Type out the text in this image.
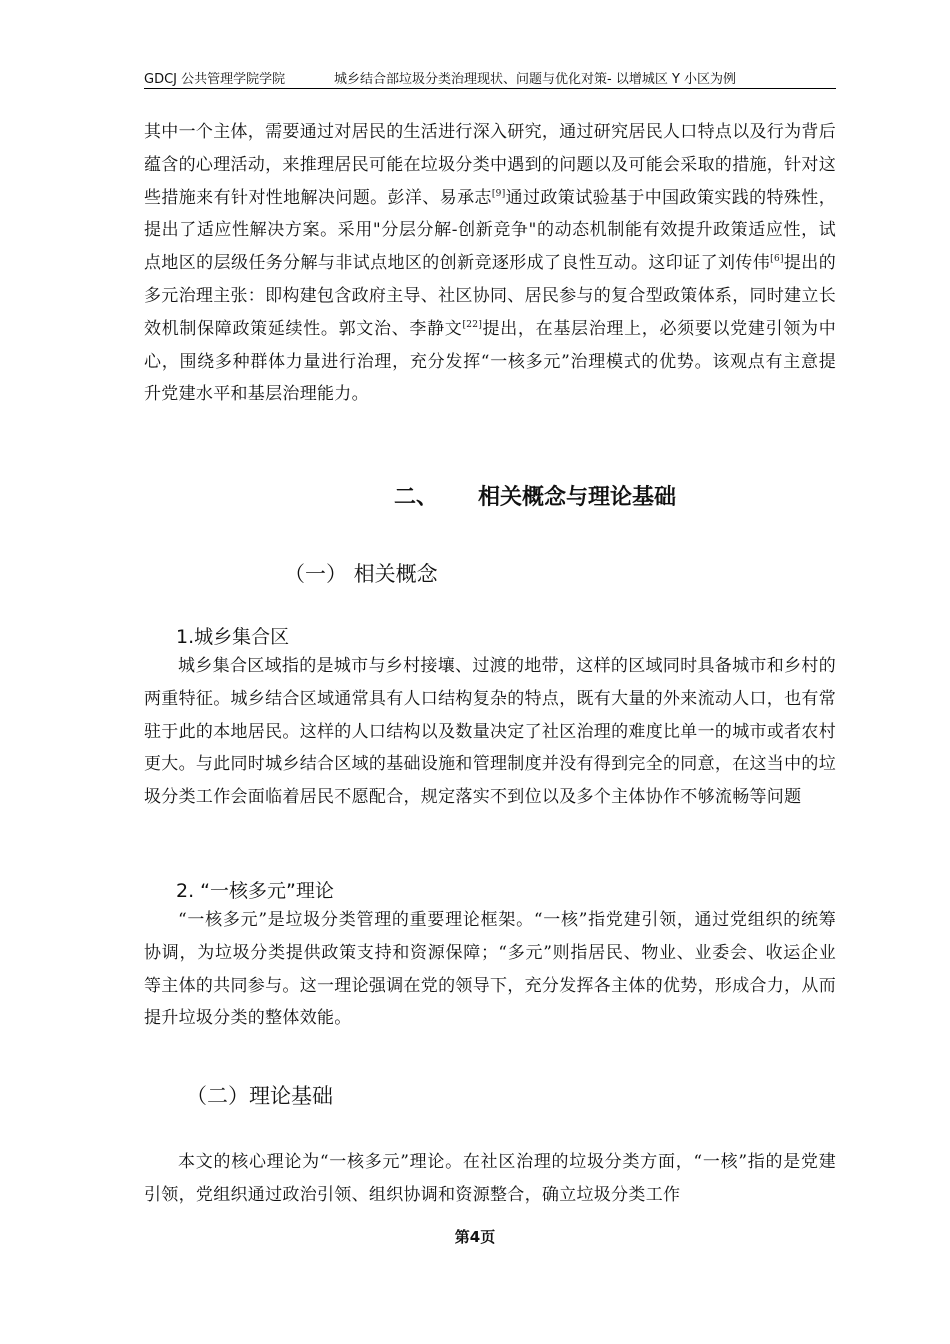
GDCJ 公共管理学院学院	城乡结合部垃圾分类治理现状、问题与优化对策- 以增城区 Y 小区为例

其中一个主体，需要通过对居民的生活进行深入研究，通过研究居民人口特点以及行为背后蕴含的心理活动，来推理居民可能在垃圾分类中遇到的问题以及可能会采取的措施，针对这些措施来有针对性地解决问题。彭洋、易承志[9]通过政策试验基于中国政策实践的特殊性，提出了适应性解决方案。采用"分层分解-创新竞争"的动态机制能有效提升政策适应性，试点地区的层级任务分解与非试点地区的创新竞逐形成了良性互动。这印证了刘传伟[6]提出的多元治理主张：即构建包含政府主导、社区协同、居民参与的复合型政策体系，同时建立长效机制保障政策延续性。郭文治、李静文[22]提出，在基层治理上，必须要以党建引领为中心，围绕多种群体力量进行治理，充分发挥“一核多元”治理模式的优势。该观点有主意提升党建水平和基层治理能力。

二、 相关概念与理论基础
（一） 相关概念
1.城乡集合区

城乡集合区域指的是城市与乡村接壤、过渡的地带，这样的区域同时具备城市和乡村的两重特征。城乡结合区域通常具有人口结构复杂的特点，既有大量的外来流动人口，也有常驻于此的本地居民。这样的人口结构以及数量决定了社区治理的难度比单一的城市或者农村更大。与此同时城乡结合区域的基础设施和管理制度并没有得到完全的同意，在这当中的垃圾分类工作会面临着居民不愿配合，规定落实不到位以及多个主体协作不够流畅等问题

2. “一核多元”理论

“一核多元”是垃圾分类管理的重要理论框架。“一核”指党建引领，通过党组织的统筹协调，为垃圾分类提供政策支持和资源保障；“多元”则指居民、物业、业委会、收运企业等主体的共同参与。这一理论强调在党的领导下，充分发挥各主体的优势，形成合力，从而提升垃圾分类的整体效能。

（二）理论基础

本文的核心理论为“一核多元”理论。在社区治理的垃圾分类方面，“一核”指的是党建引领，党组织通过政治引领、组织协调和资源整合，确立垃圾分类工作

第4页
